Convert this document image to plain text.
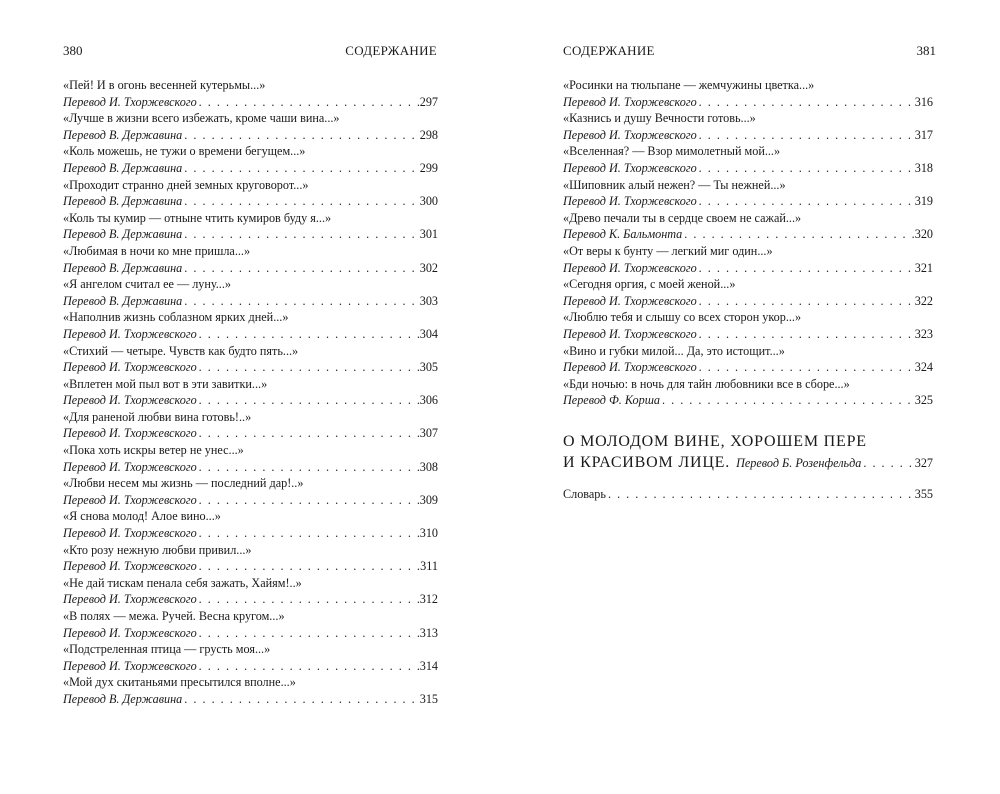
380	СОДЕРЖАНИЕ
«Пей! И в огонь весенней кутерьмы...»
Перевод И. Тхоржевского . . .	297
«Лучше в жизни всего избежать, кроме чаши вина...»
Перевод В. Державина . . .	298
«Коль можешь, не тужи о времени бегущем...»
Перевод В. Державина . . .	299
«Проходит странно дней земных круговорот...»
Перевод В. Державина . . .	300
«Коль ты кумир — отныне чтить кумиров буду я...»
Перевод В. Державина . . .	301
«Любимая в ночи ко мне пришла...»
Перевод В. Державина . . .	302
«Я ангелом считал ее — луну...»
Перевод В. Державина . . .	303
«Наполнив жизнь соблазном ярких дней...»
Перевод И. Тхоржевского . . .	304
«Стихий — четыре. Чувств как будто пять...»
Перевод И. Тхоржевского . . .	305
«Вплетен мой пыл вот в эти завитки...»
Перевод И. Тхоржевского . . .	306
«Для раненой любви вина готовь!..»
Перевод И. Тхоржевского . . .	307
«Пока хоть искры ветер не унес...»
Перевод И. Тхоржевского . . .	308
«Любви несем мы жизнь — последний дар!..»
Перевод И. Тхоржевского . . .	309
«Я снова молод! Алое вино...»
Перевод И. Тхоржевского . . .	310
«Кто розу нежную любви привил...»
Перевод И. Тхоржевского . . .	311
«Не дай тискам пенала себя зажать, Хайям!..»
Перевод И. Тхоржевского . . .	312
«В полях — межа. Ручей. Весна кругом...»
Перевод И. Тхоржевского . . .	313
«Подстреленная птица — грусть моя...»
Перевод И. Тхоржевского . . .	314
«Мой дух скитаньями пресытился вполне...»
Перевод В. Державина . . .	315
СОДЕРЖАНИЕ	381
«Росинки на тюльпане — жемчужины цветка...»
Перевод И. Тхоржевского . . .	316
«Казнись и душу Вечности готовь...»
Перевод И. Тхоржевского . . .	317
«Вселенная? — Взор мимолетный мой...»
Перевод И. Тхоржевского . . .	318
«Шиповник алый нежен? — Ты нежней...»
Перевод И. Тхоржевского . . .	319
«Древо печали ты в сердце своем не сажай...»
Перевод К. Бальмонта . . .	320
«От веры к бунту — легкий миг один...»
Перевод И. Тхоржевского . . .	321
«Сегодня оргия, с моей женой...»
Перевод И. Тхоржевского . . .	322
«Люблю тебя и слышу со всех сторон укор...»
Перевод И. Тхоржевского . . .	323
«Вино и губки милой... Да, это истощит...»
Перевод И. Тхоржевского . . .	324
«Бди ночью: в ночь для тайн любовники все в сборе...»
Перевод Ф. Корша . . .	325
О МОЛОДОМ ВИНЕ, ХОРОШЕМ ПЕРЕ
И КРАСИВОМ ЛИЦЕ. Перевод Б. Розенфельда . . .	327
Словарь . . .	355
